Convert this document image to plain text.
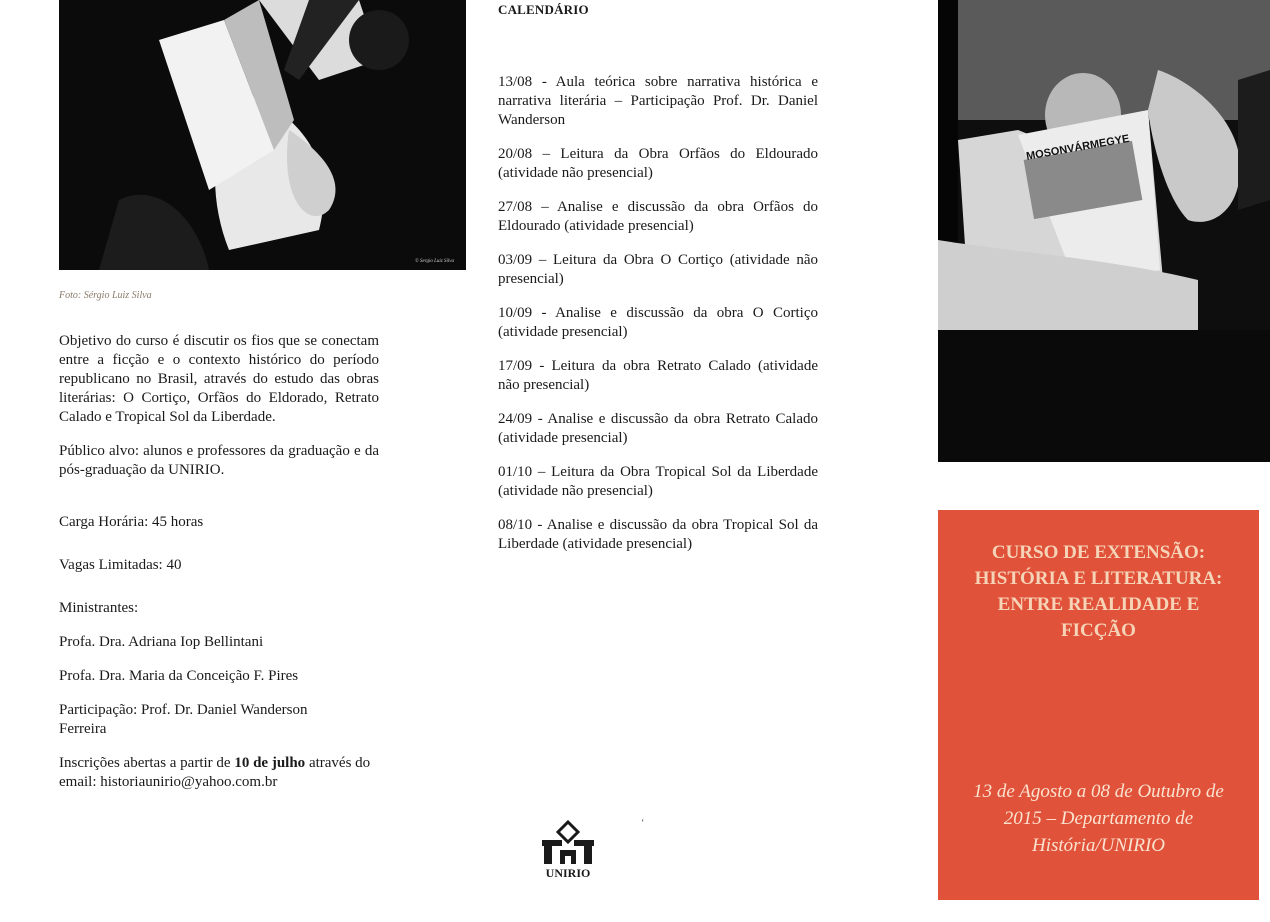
© Sergio Luiz Silva
Foto: Sérgio Luiz Silva

Objetivo do curso é discutir os fios que se conectam entre a ficção e o contexto histórico do período republicano no Brasil, através do estudo das obras literárias: O Cortiço, Orfãos do Eldorado, Retrato Calado e Tropical Sol da Liberdade.

Público alvo: alunos e professores da graduação e da pós-graduação da UNIRIO.

Carga Horária: 45 horas

Vagas Limitadas: 40

Ministrantes:

Profa. Dra. Adriana Iop Bellintani

Profa. Dra. Maria da Conceição F. Pires

Participação: Prof. Dr. Daniel Wanderson Ferreira

Inscrições abertas a partir de 10 de julho através do email: historiaunirio@yahoo.com.br

CALENDÁRIO
13/08 - Aula teórica sobre narrativa histórica e narrativa literária – Participação Prof. Dr. Daniel Wanderson
20/08 – Leitura da Obra Orfãos do Eldourado (atividade não presencial)
27/08 – Analise e discussão da obra Orfãos do Eldourado (atividade presencial)
03/09 – Leitura da Obra O Cortiço (atividade não presencial)
10/09 - Analise e discussão da obra O Cortiço (atividade presencial)
17/09 - Leitura da obra Retrato Calado (atividade não presencial)
24/09 - Analise e discussão da obra Retrato Calado (atividade presencial)
01/10 – Leitura da Obra Tropical Sol da Liberdade (atividade não presencial)
08/10 - Analise e discussão da obra Tropical Sol da Liberdade (atividade presencial)
ʻ
UNIRIO
MOSONVÁRMEGYE
CURSO DE EXTENSÃO:
HISTÓRIA E LITERATURA:
ENTRE REALIDADE E
FICÇÃO
13 de Agosto a 08 de Outubro de 2015 – Departamento de História/UNIRIO
